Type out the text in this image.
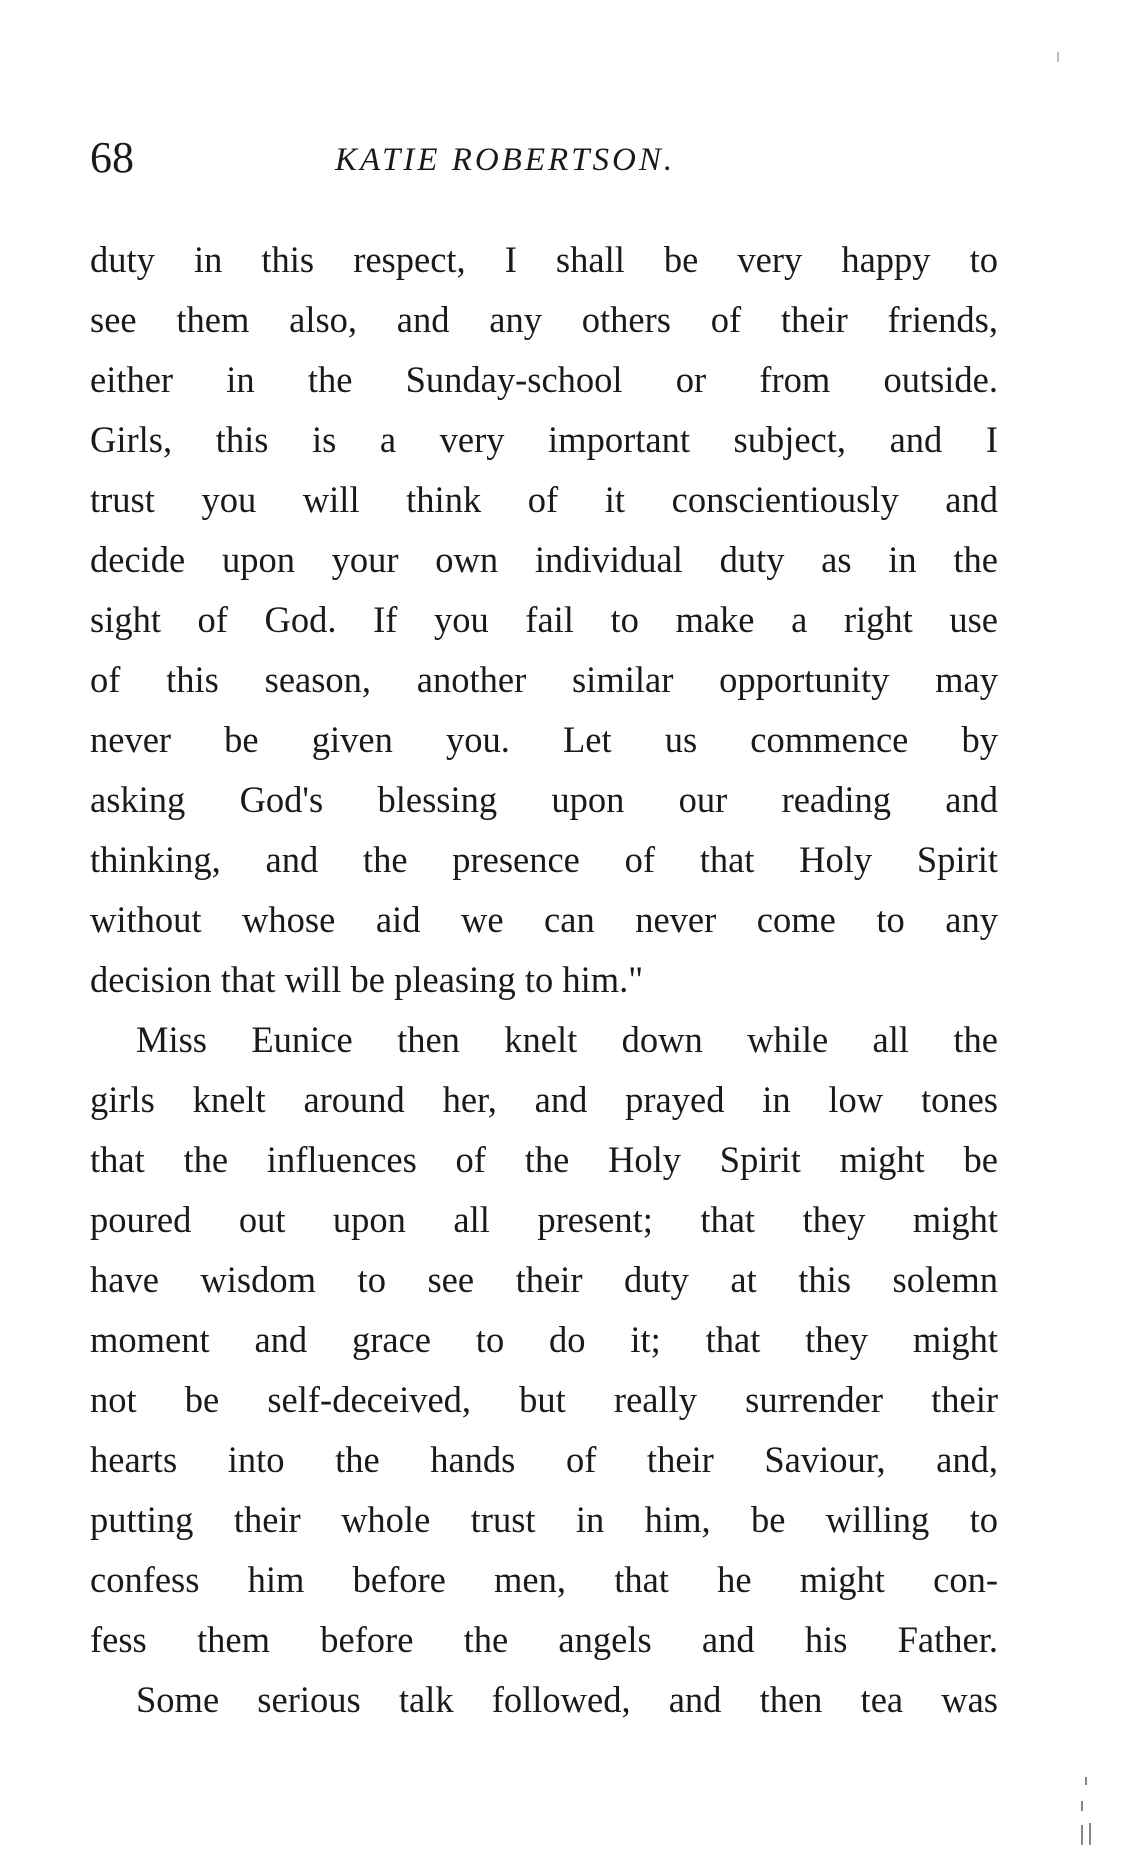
68	KATIE ROBERTSON.
duty in this respect, I shall be very happy to
see them also, and any others of their friends,
either in the Sunday-school or from outside.
Girls, this is a very important subject, and I
trust you will think of it conscientiously and
decide upon your own individual duty as in the
sight of God. If you fail to make a right use
of this season, another similar opportunity may
never be given you. Let us commence by
asking God's blessing upon our reading and
thinking, and the presence of that Holy Spirit
without whose aid we can never come to any
decision that will be pleasing to him."
Miss Eunice then knelt down while all the
girls knelt around her, and prayed in low tones
that the influences of the Holy Spirit might be
poured out upon all present; that they might
have wisdom to see their duty at this solemn
moment and grace to do it; that they might
not be self-deceived, but really surrender their
hearts into the hands of their Saviour, and,
putting their whole trust in him, be willing to
confess him before men, that he might con-
fess them before the angels and his Father.
Some serious talk followed, and then tea was
